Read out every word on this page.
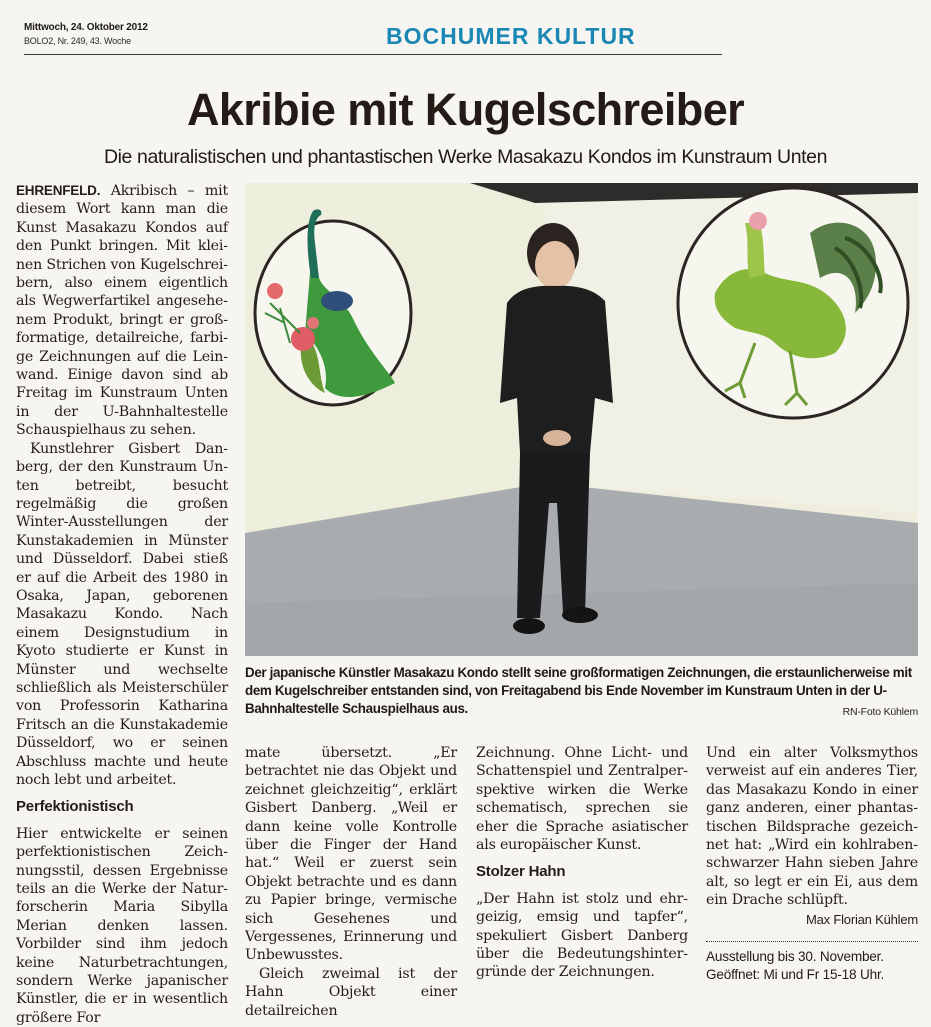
Mittwoch, 24. Oktober 2012
BOLO2, Nr. 249, 43. Woche	BOCHUMER KULTUR
Akribie mit Kugelschreiber
Die naturalistischen und phantastischen Werke Masakazu Kondos im Kunstraum Unten

EHRENFELD. Akribisch – mit diesem Wort kann man die Kunst Masakazu Kondos auf den Punkt bringen. Mit kleinen Strichen von Kugelschreibern, also einem eigentlich als Wegwerfartikel angesehenem Produkt, bringt er großformatige, detailreiche, farbige Zeichnungen auf die Leinwand. Einige davon sind ab Freitag im Kunstraum Unten in der U-Bahnhaltestelle Schauspielhaus zu sehen.

Kunstlehrer Gisbert Danberg, der den Kunstraum Unten betreibt, besucht regelmäßig die großen Winter-Ausstellungen der Kunstakademien in Münster und Düsseldorf. Dabei stieß er auf die Arbeit des 1980 in Osaka, Japan, geborenen Masakazu Kondo. Nach einem Designstudium in Kyoto studierte er Kunst in Münster und wechselte schließlich als Meisterschüler von Professorin Katharina Fritsch an die Kunstakademie Düsseldorf, wo er seinen Abschluss machte und heute noch lebt und arbeitet.

Perfektionistisch

Hier entwickelte er seinen perfektionistischen Zeichnungsstil, dessen Ergebnisse teils an die Werke der Naturforscherin Maria Sibylla Merian denken lassen. Vorbilder sind ihm jedoch keine Naturbetrachtungen, sondern Werke japanischer Künstler, die er in wesentlich größere For

Der japanische Künstler Masakazu Kondo stellt seine großformatigen Zeichnungen, die erstaunlicherweise mit dem Kugelschreiber entstanden sind, von Freitagabend bis Ende November im Kunstraum Unten in der U-Bahnhaltestelle Schauspielhaus aus.	RN-Foto Kühlem

mate übersetzt. „Er betrachtet nie das Objekt und zeichnet gleichzeitig“, erklärt Gisbert Danberg. „Weil er dann keine volle Kontrolle über die Finger der Hand hat.“ Weil er zuerst sein Objekt betrachte und es dann zu Papier bringe, vermische sich Gesehenes und Vergessenes, Erinnerung und Unbewusstes.

Gleich zweimal ist der Hahn Objekt einer detailreichen

Zeichnung. Ohne Licht- und Schattenspiel und Zentralperspektive wirken die Werke schematisch, sprechen sie eher die Sprache asiatischer als europäischer Kunst.

Stolzer Hahn

„Der Hahn ist stolz und ehrgeizig, emsig und tapfer“, spekuliert Gisbert Danberg über die Bedeutungshintergründe der Zeichnungen.

Und ein alter Volksmythos verweist auf ein anderes Tier, das Masakazu Kondo in einer ganz anderen, einer phantastischen Bildsprache gezeichnet hat: „Wird ein kohlrabenschwarzer Hahn sieben Jahre alt, so legt er ein Ei, aus dem ein Drache schlüpft.

Max Florian Kühlem

Ausstellung bis 30. November.

Geöffnet: Mi und Fr 15-18 Uhr.
